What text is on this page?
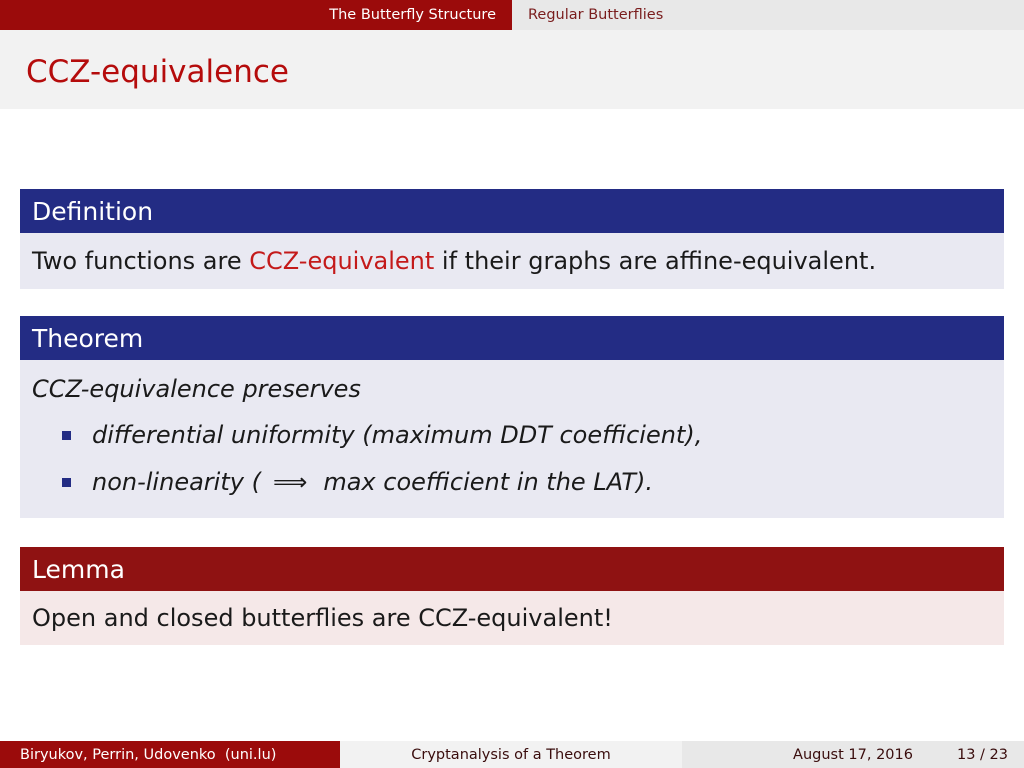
The Butterfly Structure	Regular Butterflies
CCZ-equivalence
Definition
Two functions are CCZ-equivalent if their graphs are affine-equivalent.
Theorem
CCZ-equivalence preserves
differential uniformity (maximum DDT coefficient),
non-linearity ( ⟹ max coefficient in the LAT).
Lemma
Open and closed butterflies are CCZ-equivalent!
Biryukov, Perrin, Udovenko  (uni.lu)	Cryptanalysis of a Theorem	August 17, 2016	13 / 23
